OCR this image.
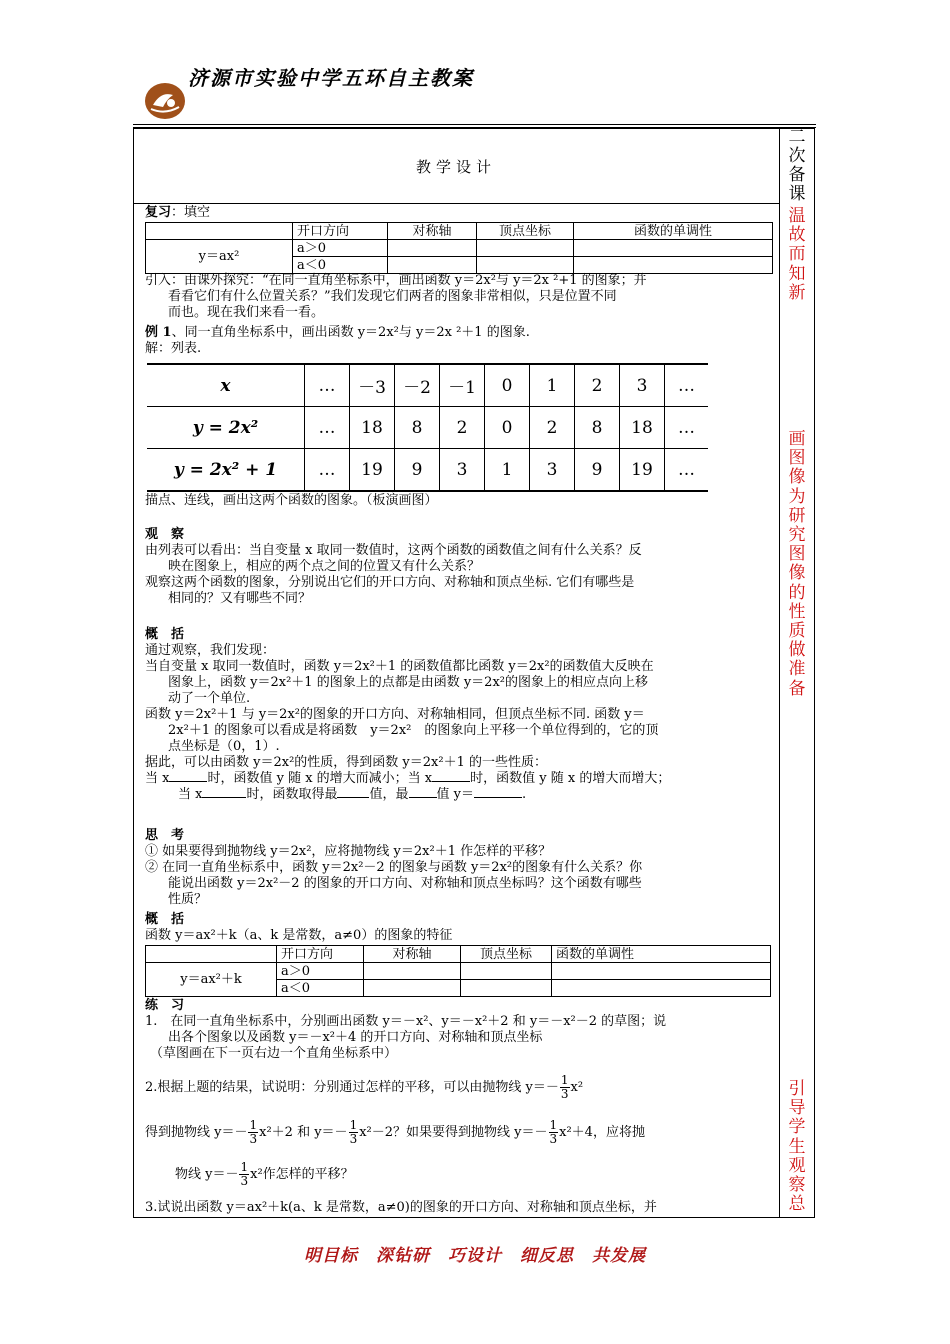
济源市实验中学五环自主教案
教学设计
二次备课
温故而知新
画图像为研究图像的性质做准备
引导学生观察总
复习：填空
	开口方向	对称轴	顶点坐标	函数的单调性
y＝ax²	a＞0			
	a＜0			
引入：由课外探究：“在同一直角坐标系中，画出函数 y＝2x²与 y＝2x ²+1 的图象；并
看看它们有什么位置关系？”我们发现它们两者的图象非常相似，只是位置不同
而也。现在我们来看一看。
例 1、同一直角坐标系中，画出函数 y＝2x²与 y＝2x ²＋1 的图象.
解：列表.
x	…	－3	－2	－1	0	1	2	3	…
y = 2x²	…	18	8	2	0	2	8	18	…
y = 2x² + 1	…	19	9	3	1	3	9	19	…
描点、连线，画出这两个函数的图象。（板演画图）
观　察
由列表可以看出：当自变量 x 取同一数值时，这两个函数的函数值之间有什么关系？反
映在图象上，相应的两个点之间的位置又有什么关系？
观察这两个函数的图象，分别说出它们的开口方向、对称轴和顶点坐标. 它们有哪些是
相同的？又有哪些不同？
概　括
通过观察，我们发现：
当自变量 x 取同一数值时，函数 y＝2x²＋1 的函数值都比函数 y＝2x²的函数值大反映在
图象上，函数 y＝2x²＋1 的图象上的点都是由函数 y＝2x²的图象上的相应点向上移
动了一个单位.
函数 y＝2x²＋1 与 y＝2x²的图象的开口方向、对称轴相同，但顶点坐标不同. 函数 y＝
2x²＋1 的图象可以看成是将函数　y＝2x²　的图象向上平移一个单位得到的，它的顶
点坐标是（0，1）.
据此，可以由函数 y＝2x²的性质，得到函数 y＝2x²＋1 的一些性质：
当 x	时，函数值 y 随 x 的增大而减小；当 x	时，函数值 y 随 x 的增大而增大；
当 x	时，函数取得最 值，最 值 y＝	.
思　考
① 如果要得到抛物线 y＝2x²，应将抛物线 y＝2x²＋1 作怎样的平移？
② 在同一直角坐标系中，函数 y＝2x²－2 的图象与函数 y＝2x²的图象有什么关系？你
能说出函数 y＝2x²－2 的图象的开口方向、对称轴和顶点坐标吗？这个函数有哪些
性质？
概　括
函数 y＝ax²＋k（a、k 是常数，a≠0）的图象的特征
	开口方向	对称轴	顶点坐标	函数的单调性
y＝ax²＋k	a＞0			
	a＜0			
练　习
1.　在同一直角坐标系中，分别画出函数 y＝－x²、y＝－x²＋2 和 y＝－x²－2 的草图；说
出各个图象以及函数 y＝－x²＋4 的开口方向、对称轴和顶点坐标
（草图画在下一页右边一个直角坐标系中）
2.根据上题的结果，试说明：分别通过怎样的平移，可以由抛物线 $y=- \frac{1}{3} x^2$
得到抛物线 $y=- \frac{1}{3} x^2+2$ 和 $y=- \frac{1}{3} x^2-2$？如果要得到抛物线 $y=- \frac{1}{3} x^2+4$，应将抛
物线 $y=- \frac{1}{3} x^2$作怎样的平移？
3.试说出函数 y＝ax²＋k(a、k 是常数，a≠0)的图象的开口方向、对称轴和顶点坐标，并
明目标　深钻研　巧设计　细反思　共发展
